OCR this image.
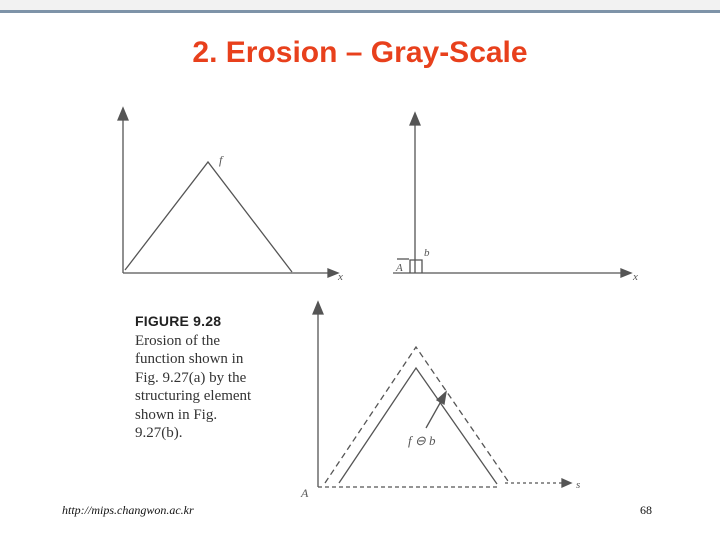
2. Erosion – Gray-Scale
f
x
b
A
x
f ⊖ b
A
s
FIGURE 9.28
Erosion of the function shown in Fig. 9.27(a) by the structuring element shown in Fig. 9.27(b).
http://mips.changwon.ac.kr	68
